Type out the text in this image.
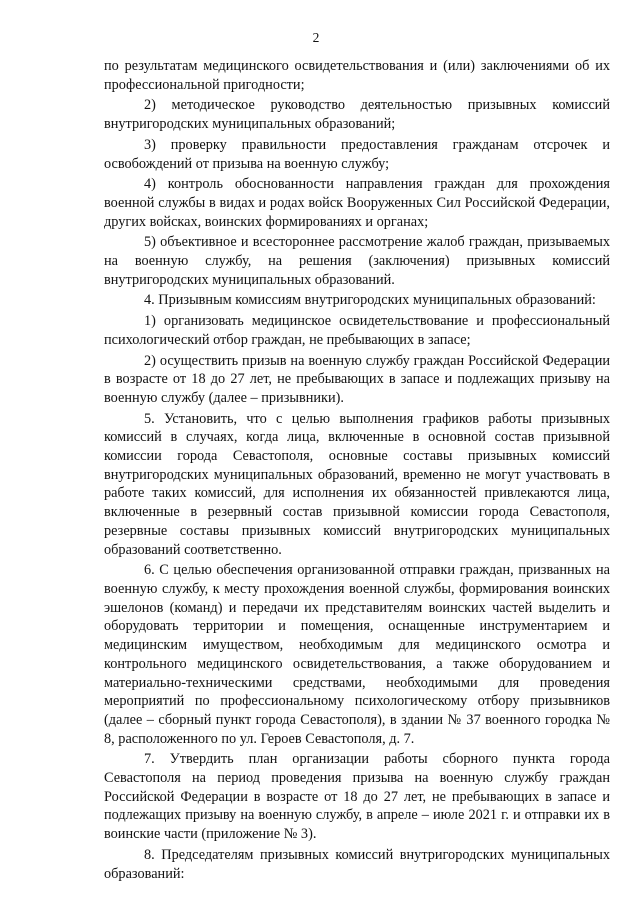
2

по результатам медицинского освидетельствования и (или) заключениями об их профессиональной пригодности;

2) методическое руководство деятельностью призывных комиссий внутригородских муниципальных образований;

3) проверку правильности предоставления гражданам отсрочек и освобождений от призыва на военную службу;

4) контроль обоснованности направления граждан для прохождения военной службы в видах и родах войск Вооруженных Сил Российской Федерации, других войсках, воинских формированиях и органах;

5) объективное и всестороннее рассмотрение жалоб граждан, призываемых на военную службу, на решения (заключения) призывных комиссий внутригородских муниципальных образований.

4. Призывным комиссиям внутригородских муниципальных образований:

1) организовать медицинское освидетельствование и профессиональный психологический отбор граждан, не пребывающих в запасе;

2) осуществить призыв на военную службу граждан Российской Федерации в возрасте от 18 до 27 лет, не пребывающих в запасе и подлежащих призыву на военную службу (далее – призывники).

5. Установить, что с целью выполнения графиков работы призывных комиссий в случаях, когда лица, включенные в основной состав призывной комиссии города Севастополя, основные составы призывных комиссий внутригородских муниципальных образований, временно не могут участвовать в работе таких комиссий, для исполнения их обязанностей привлекаются лица, включенные в резервный состав призывной комиссии города Севастополя, резервные составы призывных комиссий внутригородских муниципальных образований соответственно.

6. С целью обеспечения организованной отправки граждан, призванных на военную службу, к месту прохождения военной службы, формирования воинских эшелонов (команд) и передачи их представителям воинских частей выделить и оборудовать территории и помещения, оснащенные инструментарием и медицинским имуществом, необходимым для медицинского осмотра и контрольного медицинского освидетельствования, а также оборудованием и материально-техническими средствами, необходимыми для проведения мероприятий по профессиональному психологическому отбору призывников (далее – сборный пункт города Севастополя), в здании № 37 военного городка № 8, расположенного по ул. Героев Севастополя, д. 7.

7. Утвердить план организации работы сборного пункта города Севастополя на период проведения призыва на военную службу граждан Российской Федерации в возрасте от 18 до 27 лет, не пребывающих в запасе и подлежащих призыву на военную службу, в апреле – июле 2021 г. и отправки их в воинские части (приложение № 3).

8. Председателям призывных комиссий внутригородских муниципальных образований:
